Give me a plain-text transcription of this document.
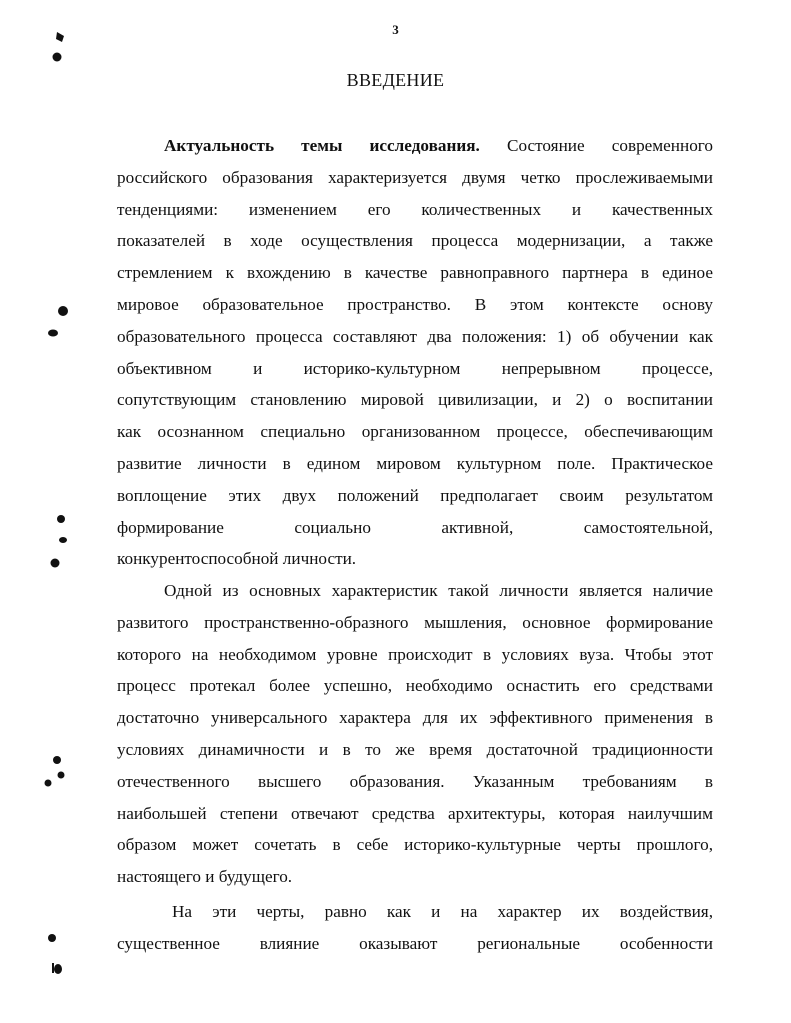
3
ВВЕДЕНИЕ
Актуальность темы исследования. Состояние современного
российского образования характеризуется двумя четко прослеживаемыми
тенденциями: изменением его количественных и качественных
показателей в ходе осуществления процесса модернизации, а также
стремлением к вхождению в качестве равноправного партнера в единое
мировое образовательное пространство. В этом контексте основу
образовательного процесса составляют два положения: 1) об обучении как
объективном и историко-культурном непрерывном процессе,
сопутствующим становлению мировой цивилизации, и 2) о воспитании
как осознанном специально организованном процессе, обеспечивающим
развитие личности в едином мировом культурном поле. Практическое
воплощение этих двух положений предполагает своим результатом
формирование социально активной, самостоятельной,
конкурентоспособной личности.
Одной из основных характеристик такой личности является наличие
развитого пространственно-образного мышления, основное формирование
которого на необходимом уровне происходит в условиях вуза. Чтобы этот
процесс протекал более успешно, необходимо оснастить его средствами
достаточно универсального характера для их эффективного применения в
условиях динамичности и в то же время достаточной традиционности
отечественного высшего образования. Указанным требованиям в
наибольшей степени отвечают средства архитектуры, которая наилучшим
образом может сочетать в себе историко-культурные черты прошлого,
настоящего и будущего.
На эти черты, равно как и на характер их воздействия,
существенное влияние оказывают региональные особенности
